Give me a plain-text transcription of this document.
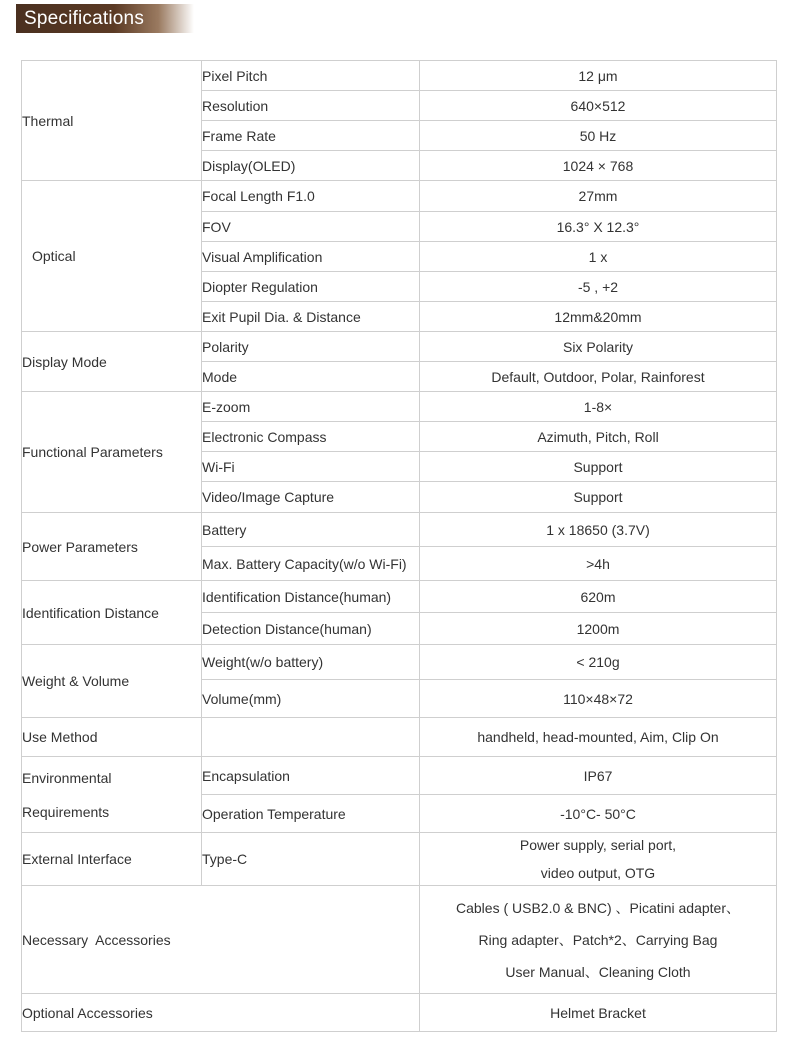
Specifications
Thermal	Pixel Pitch	12 μm
	Resolution	640×512
	Frame Rate	50 Hz
	Display(OLED)	1024 × 768
Optical	Focal Length F1.0	27mm
	FOV	16.3° X 12.3°
	Visual Amplification	1 x
	Diopter Regulation	-5 , +2
	Exit Pupil Dia. & Distance	12mm&20mm
Display Mode	Polarity	Six Polarity
	Mode	Default, Outdoor, Polar, Rainforest
Functional Parameters	E-zoom	1-8×
	Electronic Compass	Azimuth, Pitch, Roll
	Wi-Fi	Support
	Video/Image Capture	Support
Power Parameters	Battery	1 x 18650 (3.7V)
	Max. Battery Capacity(w/o Wi-Fi)	>4h
Identification Distance	Identification Distance(human)	620m
	Detection Distance(human)	1200m
Weight & Volume	Weight(w/o battery)	< 210g
	Volume(mm)	110×48×72
Use Method		handheld, head-mounted, Aim, Clip On

Environmental
Requirements	Encapsulation	IP67
	Operation Temperature	-10°C- 50°C
External Interface	Type-C	Power supply, serial port,
video output, OTG

Necessary  Accessories		Cables ( USB2.0 & BNC) 、Picatini adapter、
Ring adapter、Patch*2、Carrying Bag
User Manual、Cleaning Cloth

Optional Accessories		Helmet Bracket
